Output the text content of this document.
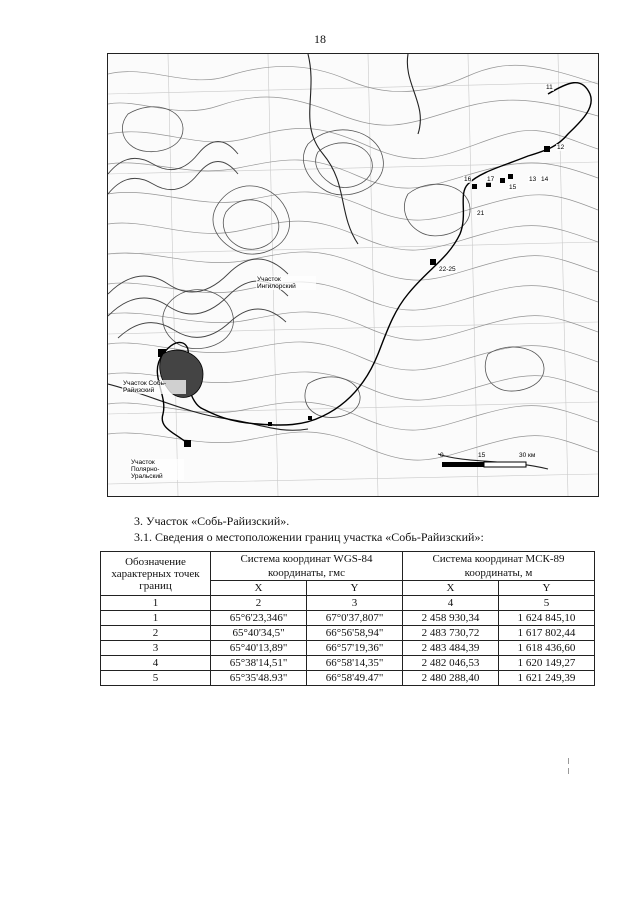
18
Участок Ингилорский
Участок Собь-Райизский
Участок Полярно-Уральский
22-25
13 14
15
16 17
12
21
11
0	15	30 км
3. Участок «Собь-Райизский».
3.1. Сведения о местоположении границ участка «Собь-Райизский»:
Обозначение характерных точек границ	Система координат WGS-84		Система координат МСК-89	
	координаты, гмс		координаты, м	
	X	Y	X	Y
1	2	3	4	5
1	65°6'23,346"	67°0'37,807"	2 458 930,34	1 624 845,10
2	65°40'34,5"	66°56'58,94"	2 483 730,72	1 617 802,44
3	65°40'13,89"	66°57'19,36"	2 483 484,39	1 618 436,60
4	65°38'14,51"	66°58'14,35"	2 482 046,53	1 620 149,27
5	65°35'48.93"	66°58'49.47"	2 480 288,40	1 621 249,39
